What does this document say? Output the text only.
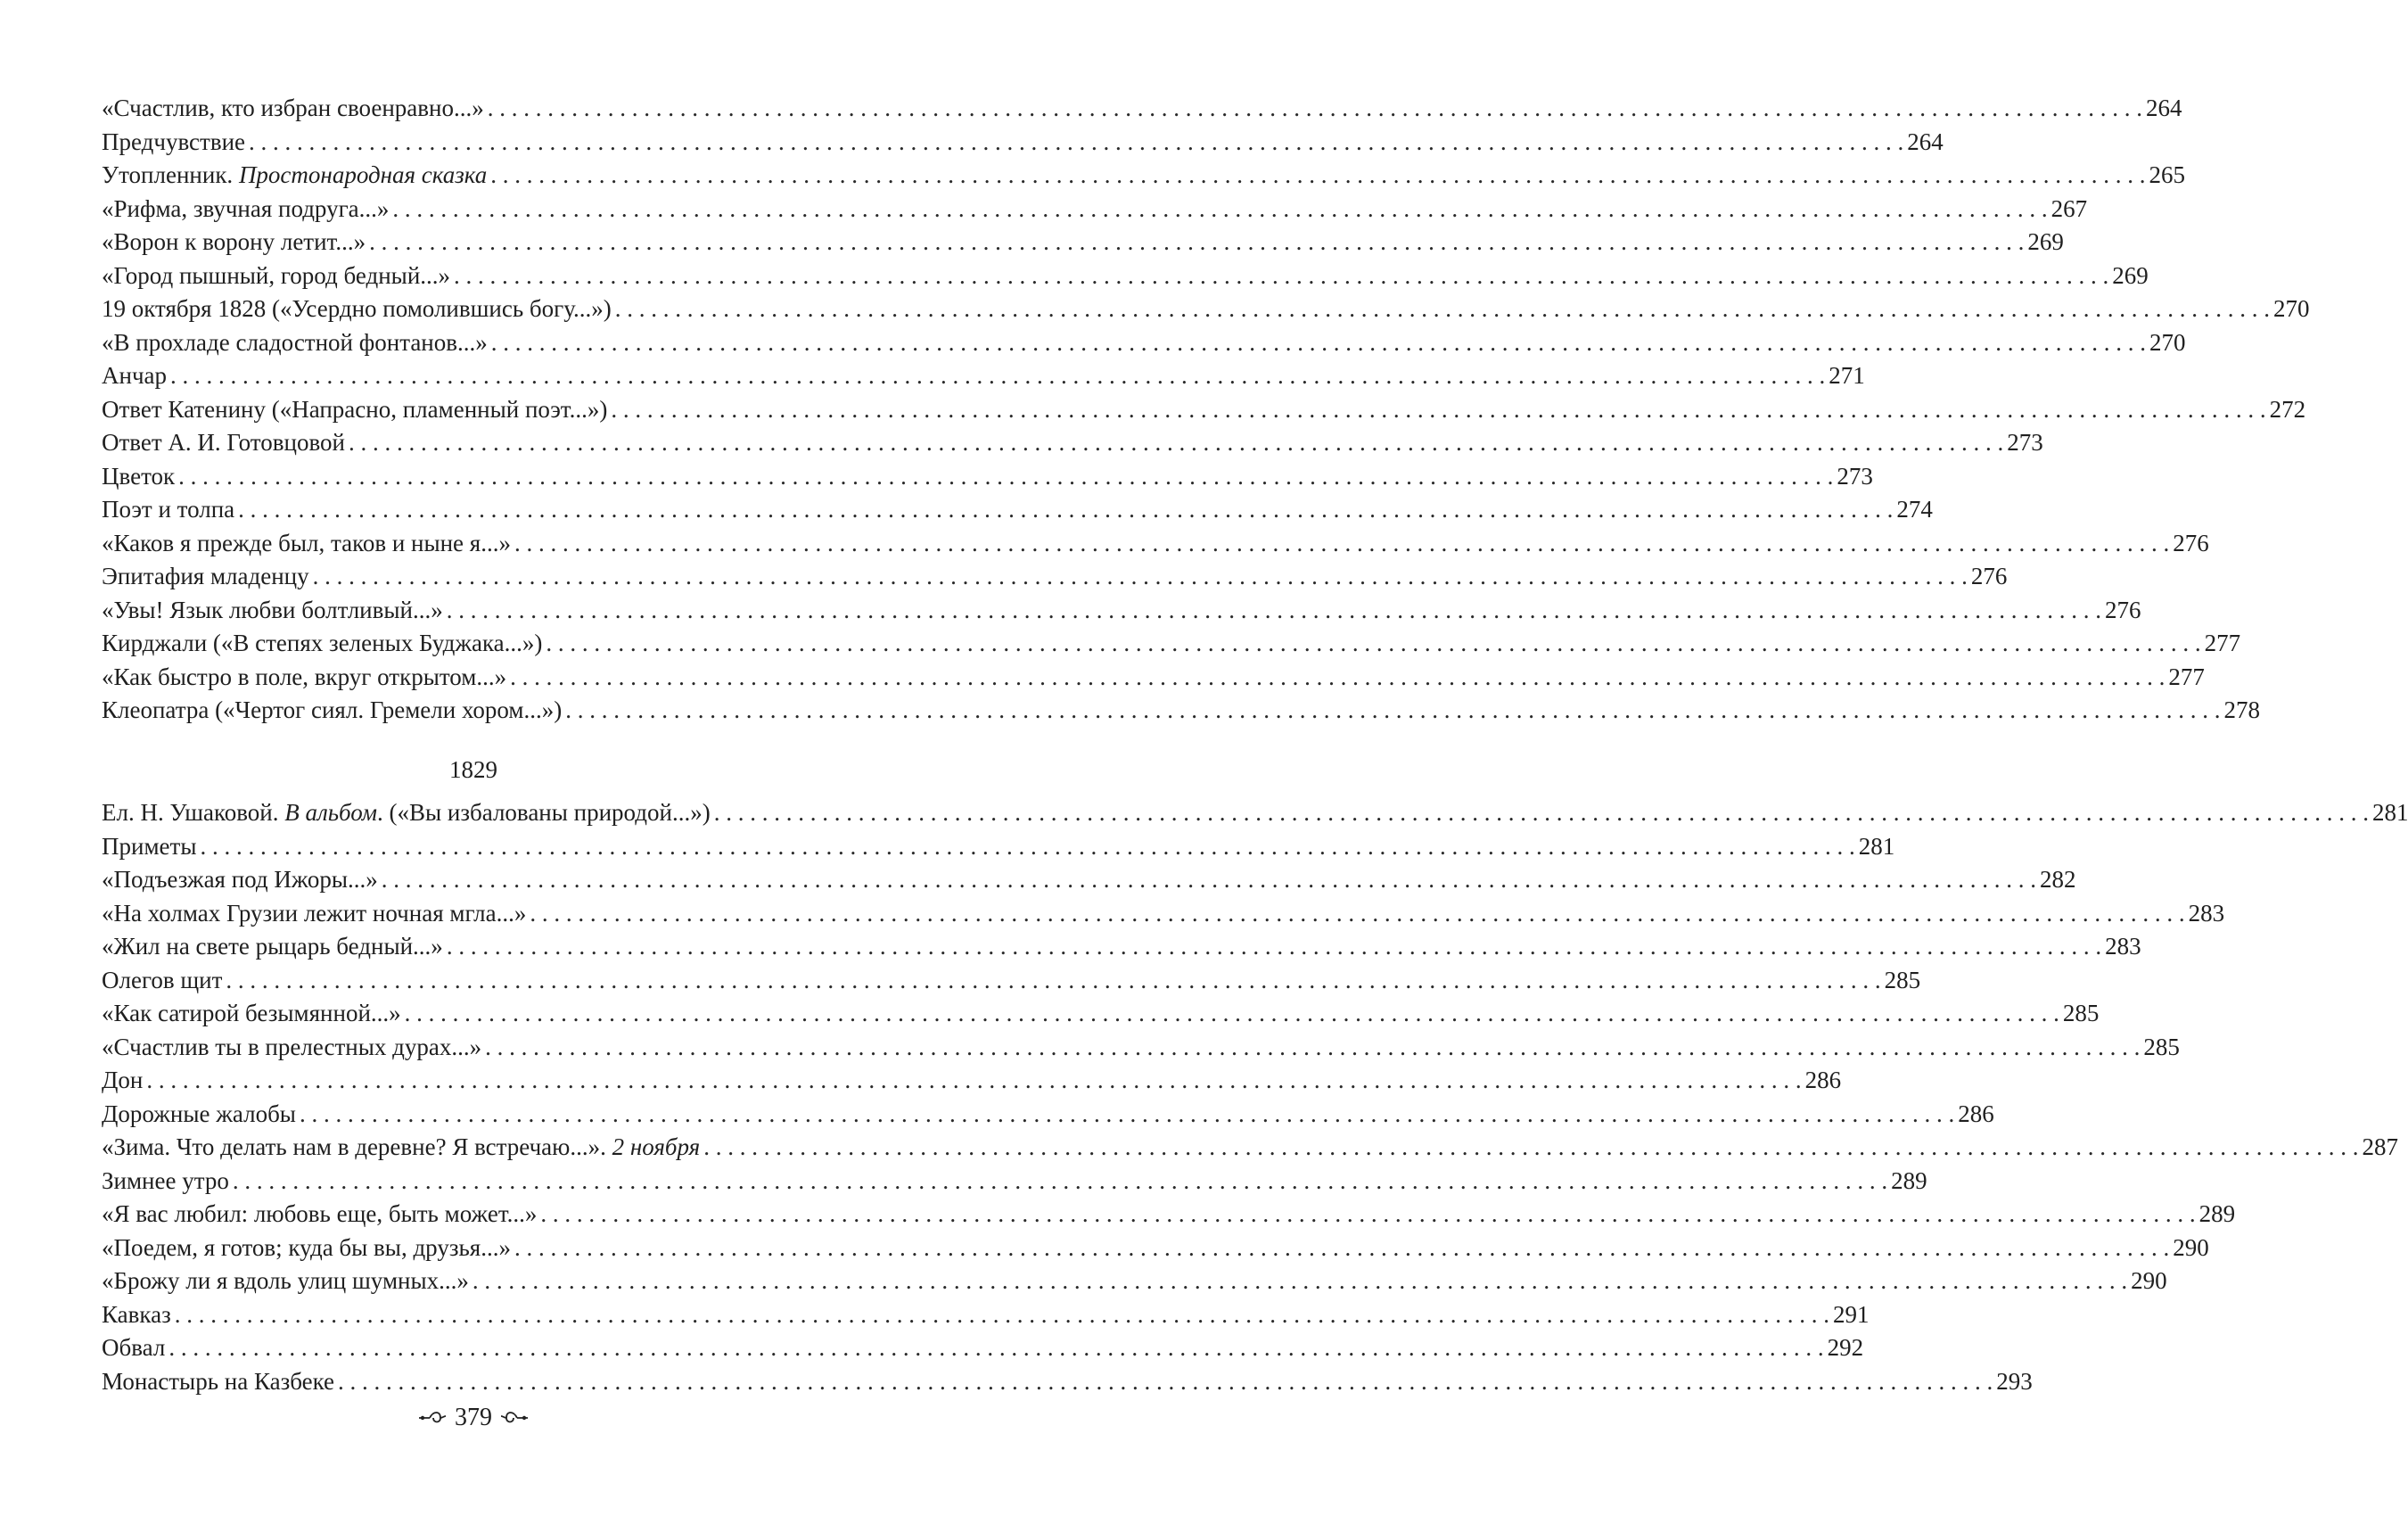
«Счастлив, кто избран своенравно...» . . .	264
Предчувствие . . .	264
Утопленник. Простонародная сказка . . .	265
«Рифма, звучная подруга...» . . .	267
«Ворон к ворону летит...» . . .	269
«Город пышный, город бедный...» . . .	269
19 октября 1828 («Усердно помолившись богу...») . . .	270
«В прохладе сладостной фонтанов...» . . .	270
Анчар . . .	271
Ответ Катенину («Напрасно, пламенный поэт...») . . .	272
Ответ А. И. Готовцовой . . .	273
Цветок . . .	273
Поэт и толпа . . .	274
«Каков я прежде был, таков и ныне я...» . . .	276
Эпитафия младенцу . . .	276
«Увы! Язык любви болтливый...» . . .	276
Кирджали («В степях зеленых Буджака...») . . .	277
«Как быстро в поле, вкруг открытом...» . . .	277
Клеопатра («Чертог сиял. Гремели хором...») . . .	278
1829
Ел. Н. Ушаковой. В альбом. («Вы избалованы природой...») . . .	281
Приметы . . .	281
«Подъезжая под Ижоры...» . . .	282
«На холмах Грузии лежит ночная мгла...» . . .	283
«Жил на свете рыцарь бедный...» . . .	283
Олегов щит . . .	285
«Как сатирой безымянной...» . . .	285
«Счастлив ты в прелестных дурах...» . . .	285
Дон . . .	286
Дорожные жалобы . . .	286
«Зима. Что делать нам в деревне? Я встречаю...». 2 ноября . . .	287
Зимнее утро . . .	289
«Я вас любил: любовь еще, быть может...» . . .	289
«Поедем, я готов; куда бы вы, друзья...» . . .	290
«Брожу ли я вдоль улиц шумных...» . . .	290
Кавказ . . .	291
Обвал . . .	292
Монастырь на Казбеке . . .	293
379
